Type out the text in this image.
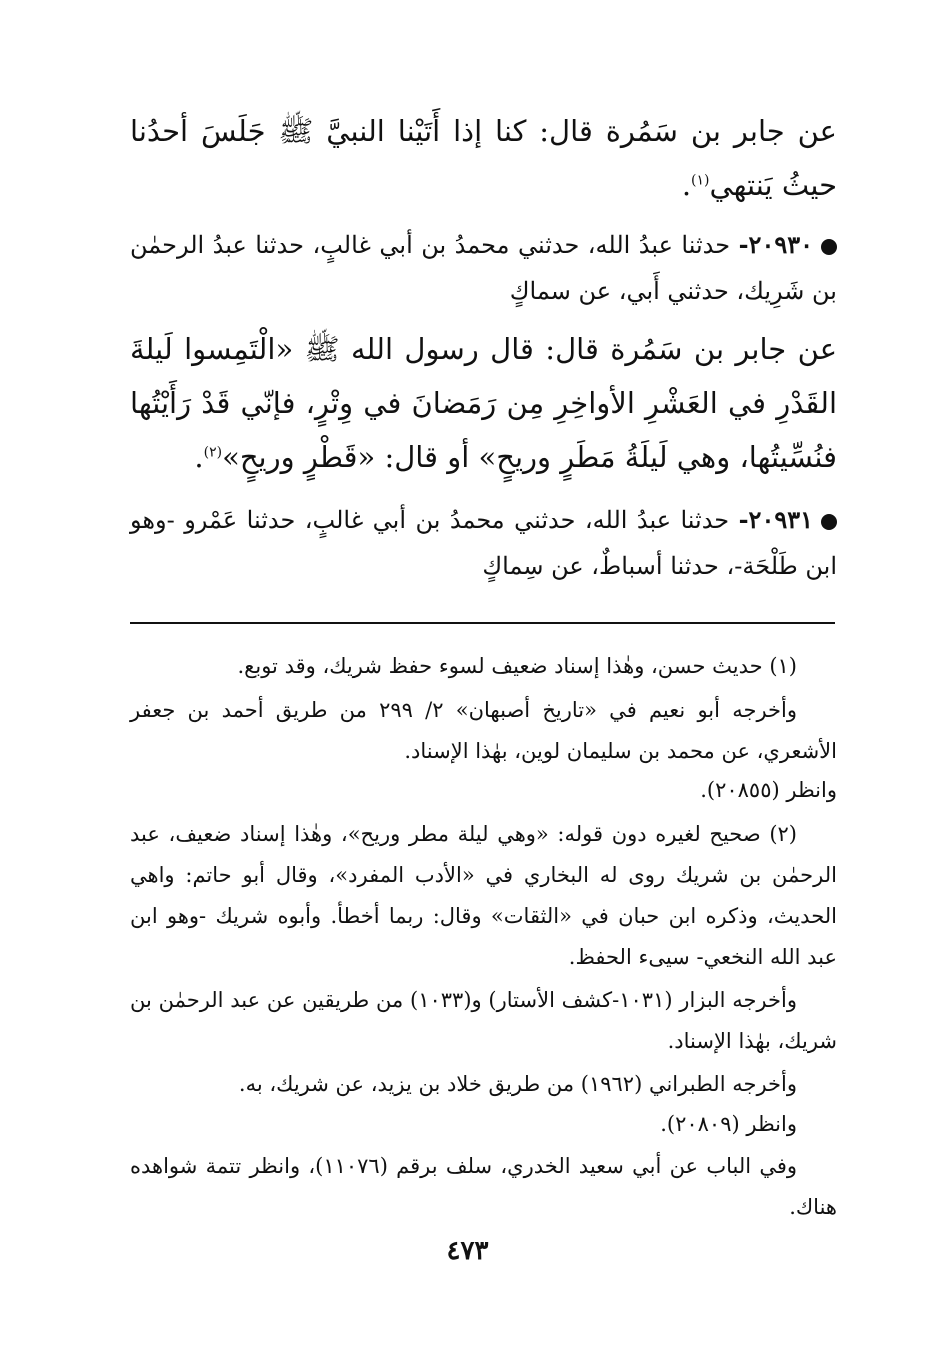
عن جابر بن سَمُرة قال: كنا إذا أَتَيْنا النبيَّ ﷺ جَلَسَ أحدُنا حيثُ يَنتهي$^{(١)}$.

٢٠٩٣٠- حدثنا عبدُ الله، حدثني محمدُ بن أبي غالبٍ، حدثنا عبدُ الرحمٰن بن شَرِيك، حدثني أَبي، عن سماكٍ

عن جابر بن سَمُرة قال: قال رسول الله ﷺ «الْتَمِسوا لَيلةَ القَدْرِ في العَشْرِ الأواخِرِ مِن رَمَضانَ في وِتْرٍ، فإنّي قَدْ رَأَيْتُها فنُسِّيتُها، وهي لَيلَةُ مَطَرٍ وريحٍ» أو قال: «قَطْرٍ وريحٍ»$^{(٢)}$.

٢٠٩٣١- حدثنا عبدُ الله، حدثني محمدُ بن أبي غالبٍ، حدثنا عَمْرو -وهو ابن طَلْحَة-، حدثنا أسباطٌ، عن سِماكٍ

(١) حديث حسن، وهٰذا إسناد ضعيف لسوء حفظ شريك، وقد توبع.

وأخرجه أبو نعيم في «تاريخ أصبهان» ٢/ ٢٩٩ من طريق أحمد بن جعفر الأشعري، عن محمد بن سليمان لوين، بهٰذا الإسناد.

وانظر (٢٠٨٥٥).

(٢) صحيح لغيره دون قوله: «وهي ليلة مطر وريح»، وهٰذا إسناد ضعيف، عبد الرحمٰن بن شريك روى له البخاري في «الأدب المفرد»، وقال أبو حاتم: واهي الحديث، وذكره ابن حبان في «الثقات» وقال: ربما أخطأ. وأبوه شريك -وهو ابن عبد الله النخعي- سيىء الحفظ.

وأخرجه البزار (١٠٣١-كشف الأستار) و(١٠٣٣) من طريقين عن عبد الرحمٰن بن شريك، بهٰذا الإسناد.

وأخرجه الطبراني (١٩٦٢) من طريق خلاد بن يزيد، عن شريك، به.

وانظر (٢٠٨٠٩).

وفي الباب عن أبي سعيد الخدري، سلف برقم (١١٠٧٦)، وانظر تتمة شواهده هناك.

٤٧٣
